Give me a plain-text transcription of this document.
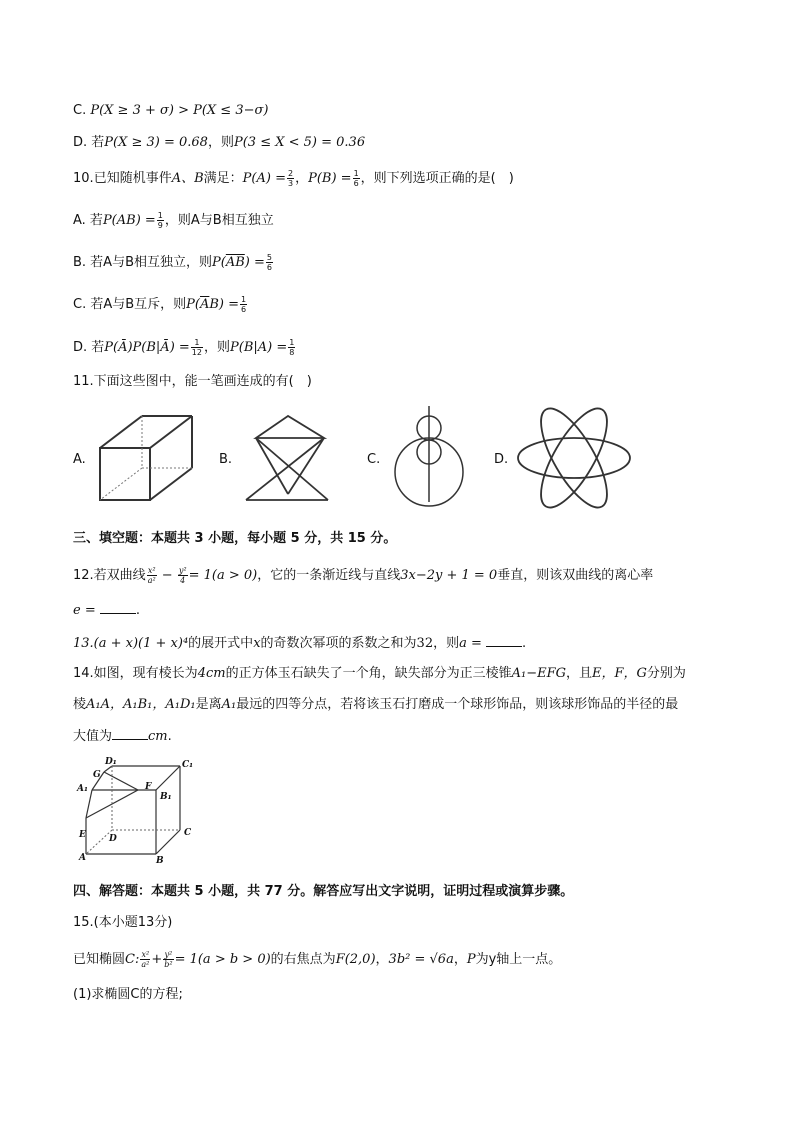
C. P(X ≥ 3 + σ) > P(X ≤ 3−σ)
D. 若P(X ≥ 3) = 0.68，则P(3 ≤ X < 5) = 0.36
10.已知随机事件A、B满足：$P(A) = \frac{2}{3}$ ，$P(B) = \frac{1}{6}$ ，则下列选项正确的是(　)
A. 若$P(AB) = \frac{1}{9}$ ，则A与B相互独立
B. 若A与B相互独立，则$P(\overline{AB}) = \frac{5}{6}$
C. 若A与B互斥，则$P(\overline{A}B) = \frac{1}{6}$
D. 若P(Ā)P(B|Ā) = $\frac{1}{12}$ ，则$P(B|A) = \frac{1}{8}$
11.下面这些图中，能一笔画连成的有(　)
A.	B.	C.	D.
三、填空题：本题共 3 小题，每小题 5 分，共 15 分。
12.若双曲线 $\frac{\text{x²}}{\text{a²}} - \frac{\text{y²}}{4} = 1(a > 0)$，它的一条渐近线与直线3x−2y + 1 = 0垂直，则该双曲线的离心率
e =	.
13.(a + x)(1 + x)⁴的展开式中x的奇数次幂项的系数之和为32，则a =	.
14.如图，现有棱长为4cm的正方体玉石缺失了一个角，缺失部分为正三棱锥A₁−EFG，且E，F，G分别为
棱A₁A，A₁B₁，A₁D₁是离A₁最远的四等分点，若将该玉石打磨成一个球形饰品，则该球形饰品的半径的最
大值为	cm.
D₁	C₁
G
A₁	F
B₁
E	D
C
A	B
四、解答题：本题共 5 小题，共 77 分。解答应写出文字说明，证明过程或演算步骤。
15.(本小题13分)
已知椭圆C: $\frac{\text{x²}}{\text{a²}} + \frac{\text{y²}}{\text{b²}} = 1(a > b > 0)$的右焦点为F(2,0)，3b² = √6a，P为y轴上一点。
(1)求椭圆C的方程;
